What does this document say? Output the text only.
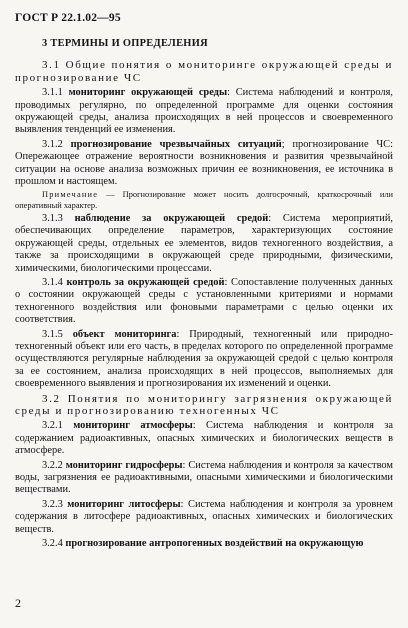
ГОСТ Р 22.1.02—95
3 ТЕРМИНЫ И ОПРЕДЕЛЕНИЯ
3.1 Общие понятия о мониторинге окружающей среды и прогнозирование ЧС

3.1.1 мониторинг окружающей среды: Система наблюдений и контроля, проводимых регулярно, по определенной программе для оценки состояния окружающей среды, анализа происходящих в ней процессов и своевременного выявления тенденций ее изменения.

3.1.2 прогнозирование чрезвычайных ситуаций; прогнозирование ЧС: Опережающее отражение вероятности возникновения и развития чрезвычайной ситуации на основе анализа возможных причин ее возникновения, ее источника в прошлом и настоящем.

Примечание — Прогнозирование может носить долгосрочный, краткосрочный или оперативный характер.

3.1.3 наблюдение за окружающей средой: Система мероприятий, обеспечивающих определение параметров, характеризующих состояние окружающей среды, отдельных ее элементов, видов техногенного воздействия, а также за происходящими в окружающей среде природными, физическими, химическими, биологическими процессами.

3.1.4 контроль за окружающей средой: Сопоставление полученных данных о состоянии окружающей среды с установленными критериями и нормами техногенного воздействия или фоновыми параметрами с целью оценки их соответствия.

3.1.5 объект мониторинга: Природный, техногенный или природно-техногенный объект или его часть, в пределах которого по определенной программе осуществляются регулярные наблюдения за окружающей средой с целью контроля за ее состоянием, анализа происходящих в ней процессов, выполняемых для своевременного выявления и прогнозирования их изменений и оценки.

3.2 Понятия по мониторингу загрязнения окружающей среды и прогнозированию техногенных ЧС

3.2.1 мониторинг атмосферы: Система наблюдения и контроля за содержанием радиоактивных, опасных химических и биологических веществ в атмосфере.

3.2.2 мониторинг гидросферы: Система наблюдения и контроля за качеством воды, загрязнения ее радиоактивными, опасными химическими и биологическими веществами.

3.2.3 мониторинг литосферы: Система наблюдения и контроля за уровнем содержания в литосфере радиоактивных, опасных химических и биологических веществ.

3.2.4 прогнозирование антропогенных воздействий на окружающую

2
